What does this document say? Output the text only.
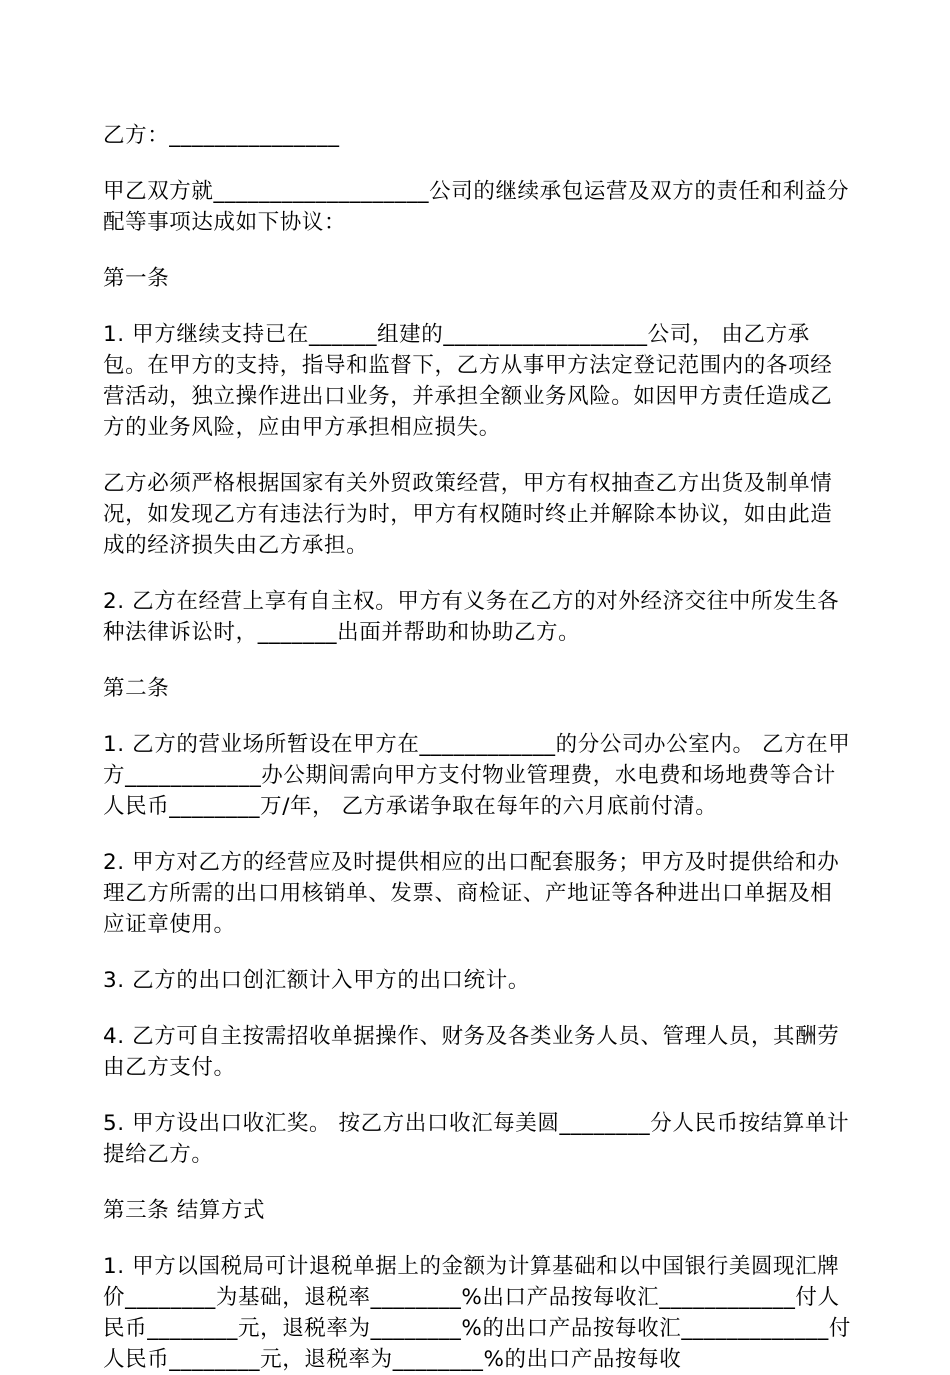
乙方：_______________

甲乙双方就___________________公司的继续承包运营及双方的责任和利益分配等事项达成如下协议：

第一条

1. 甲方继续支持已在______组建的__________________公司， 由乙方承包。在甲方的支持，指导和监督下，乙方从事甲方法定登记范围内的各项经营活动，独立操作进出口业务，并承担全额业务风险。如因甲方责任造成乙方的业务风险，应由甲方承担相应损失。

乙方必须严格根据国家有关外贸政策经营，甲方有权抽查乙方出货及制单情况，如发现乙方有违法行为时，甲方有权随时终止并解除本协议，如由此造成的经济损失由乙方承担。

2. 乙方在经营上享有自主权。甲方有义务在乙方的对外经济交往中所发生各种法律诉讼时，_______出面并帮助和协助乙方。

第二条

1. 乙方的营业场所暂设在甲方在____________的分公司办公室内。 乙方在甲方____________办公期间需向甲方支付物业管理费，水电费和场地费等合计人民币________万/年， 乙方承诺争取在每年的六月底前付清。

2. 甲方对乙方的经营应及时提供相应的出口配套服务；甲方及时提供给和办理乙方所需的出口用核销单、发票、商检证、产地证等各种进出口单据及相应证章使用。

3. 乙方的出口创汇额计入甲方的出口统计。

4. 乙方可自主按需招收单据操作、财务及各类业务人员、管理人员，其酬劳由乙方支付。

5. 甲方设出口收汇奖。 按乙方出口收汇每美圆________分人民币按结算单计提给乙方。

第三条 结算方式

1. 甲方以国税局可计退税单据上的金额为计算基础和以中国银行美圆现汇牌价________为基础，退税率________%出口产品按每收汇____________付人民币________元，退税率为________%的出口产品按每收汇_____________付人民币________元，退税率为________%的出口产品按每收
